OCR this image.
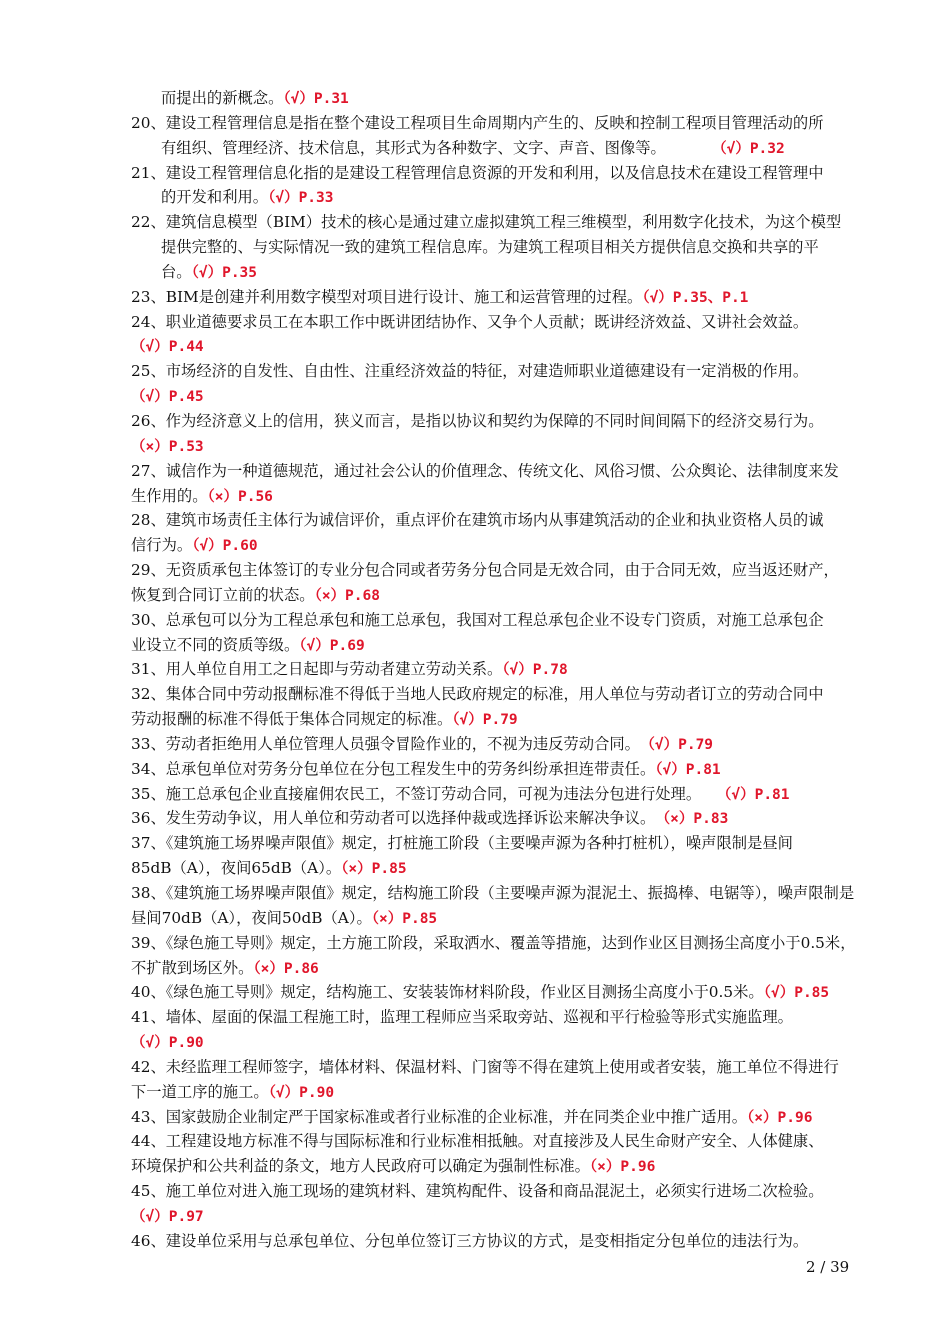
而提出的新概念。（√）P.31
20、建设工程管理信息是指在整个建设工程项目生命周期内产生的、反映和控制工程项目管理活动的所
有组织、管理经济、技术信息，其形式为各种数字、文字、声音、图像等。　　　　（√）P.32
21、建设工程管理信息化指的是建设工程管理信息资源的开发和利用，以及信息技术在建设工程管理中
的开发和利用。（√）P.33
22、建筑信息模型（BIM）技术的核心是通过建立虚拟建筑工程三维模型，利用数字化技术，为这个模型
提供完整的、与实际情况一致的建筑工程信息库。为建筑工程项目相关方提供信息交换和共享的平
台。（√）P.35
23、BIM是创建并利用数字模型对项目进行设计、施工和运营管理的过程。（√）P.35、P.1
24、职业道德要求员工在本职工作中既讲团结协作、又争个人贡献；既讲经济效益、又讲社会效益。
（√）P.44
25、市场经济的自发性、自由性、注重经济效益的特征，对建造师职业道德建设有一定消极的作用。
（√）P.45
26、作为经济意义上的信用，狭义而言，是指以协议和契约为保障的不同时间间隔下的经济交易行为。
（×）P.53
27、诚信作为一种道德规范，通过社会公认的价值理念、传统文化、风俗习惯、公众舆论、法律制度来发
生作用的。（×）P.56
28、建筑市场责任主体行为诚信评价，重点评价在建筑市场内从事建筑活动的企业和执业资格人员的诚
信行为。（√）P.60
29、无资质承包主体签订的专业分包合同或者劳务分包合同是无效合同，由于合同无效，应当返还财产，
恢复到合同订立前的状态。（×）P.68
30、总承包可以分为工程总承包和施工总承包，我国对工程总承包企业不设专门资质，对施工总承包企
业设立不同的资质等级。（√）P.69
31、用人单位自用工之日起即与劳动者建立劳动关系。（√）P.78
32、集体合同中劳动报酬标准不得低于当地人民政府规定的标准，用人单位与劳动者订立的劳动合同中
劳动报酬的标准不得低于集体合同规定的标准。（√）P.79
33、劳动者拒绝用人单位管理人员强令冒险作业的，不视为违反劳动合同。　（√）P.79
34、总承包单位对劳务分包单位在分包工程发生中的劳务纠纷承担连带责任。（√）P.81
35、施工总承包企业直接雇佣农民工，不签订劳动合同，可视为违法分包进行处理。　　（√）P.81
36、发生劳动争议，用人单位和劳动者可以选择仲裁或选择诉讼来解决争议。　（×）P.83
37、《建筑施工场界噪声限值》规定，打桩施工阶段（主要噪声源为各种打桩机），噪声限制是昼间
85dB（A），夜间65dB（A）。（×）P.85
38、《建筑施工场界噪声限值》规定，结构施工阶段（主要噪声源为混泥土、振捣棒、电锯等），噪声限制是
昼间70dB（A），夜间50dB（A）。（×）P.85
39、《绿色施工导则》规定，土方施工阶段，采取洒水、覆盖等措施，达到作业区目测扬尘高度小于0.5米，
不扩散到场区外。（×）P.86
40、《绿色施工导则》规定，结构施工、安装装饰材料阶段，作业区目测扬尘高度小于0.5米。（√）P.85
41、墙体、屋面的保温工程施工时，监理工程师应当采取旁站、巡视和平行检验等形式实施监理。
（√）P.90
42、未经监理工程师签字，墙体材料、保温材料、门窗等不得在建筑上使用或者安装，施工单位不得进行
下一道工序的施工。（√）P.90
43、国家鼓励企业制定严于国家标准或者行业标准的企业标准，并在同类企业中推广适用。（×）P.96
44、工程建设地方标准不得与国际标准和行业标准相抵触。对直接涉及人民生命财产安全、人体健康、
环境保护和公共利益的条文，地方人民政府可以确定为强制性标准。（×）P.96
45、施工单位对进入施工现场的建筑材料、建筑构配件、设备和商品混泥土，必须实行进场二次检验。
（√）P.97
46、建设单位采用与总承包单位、分包单位签订三方协议的方式，是变相指定分包单位的违法行为。
2 / 39
